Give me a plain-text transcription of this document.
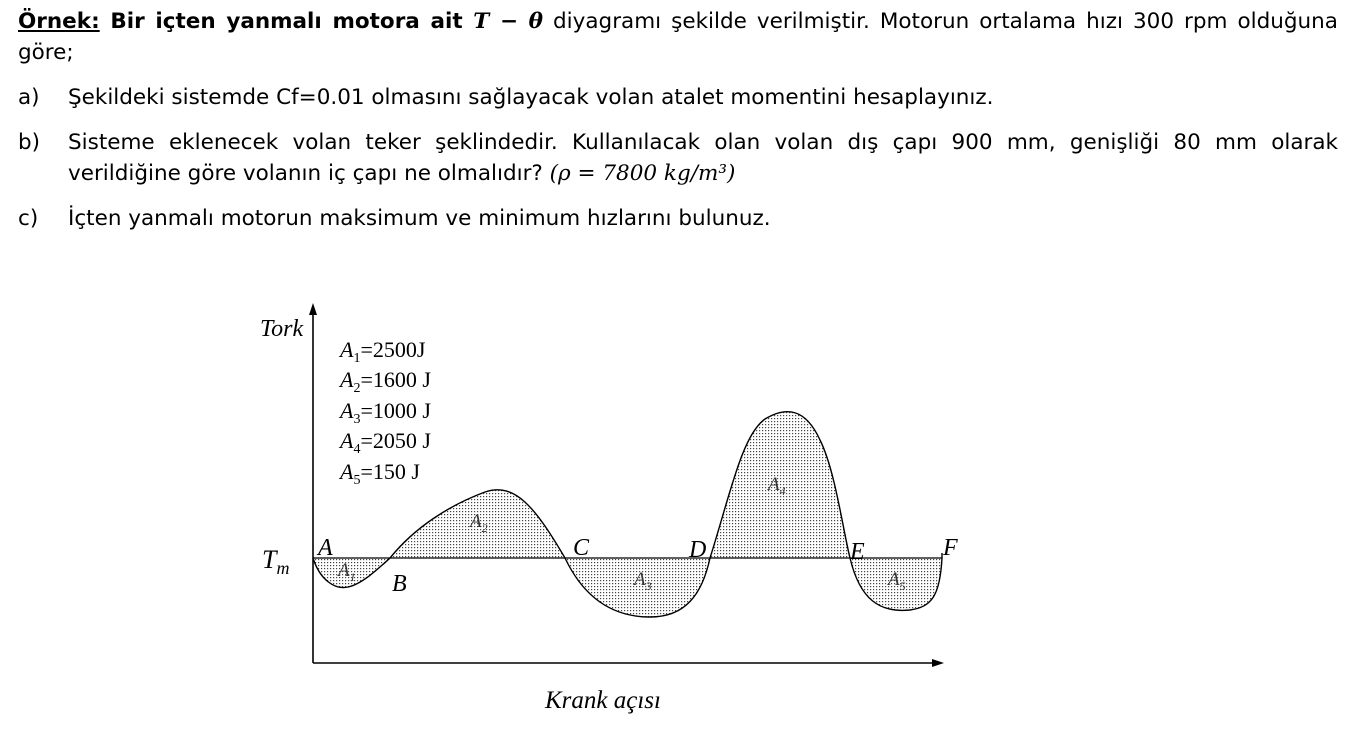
Örnek: Bir içten yanmalı motora ait T − θ diyagramı şekilde verilmiştir. Motorun ortalama hızı 300 rpm olduğuna göre;

a)	Şekildeki sistemde Cf=0.01 olmasını sağlayacak volan atalet momentini hesaplayınız.
b)	Sisteme eklenecek volan teker şeklindedir. Kullanılacak olan volan dış çapı 900 mm, genişliği 80 mm olarak verildiğine göre volanın iç çapı ne olmalıdır? (ρ = 7800 kg/m³)
c)	İçten yanmalı motorun maksimum ve minimum hızlarını bulunuz.
Tork
Krank açısı
$T_m$
$A_1=2500J$
$A_2=1600$ J
$A_3=1000$ J
$A_4=2050$ J
$A_5=150$ J
A
B
C	D	E	F
$A_1$
$A_2$
$A_3$
$A_4$
$A_5$
